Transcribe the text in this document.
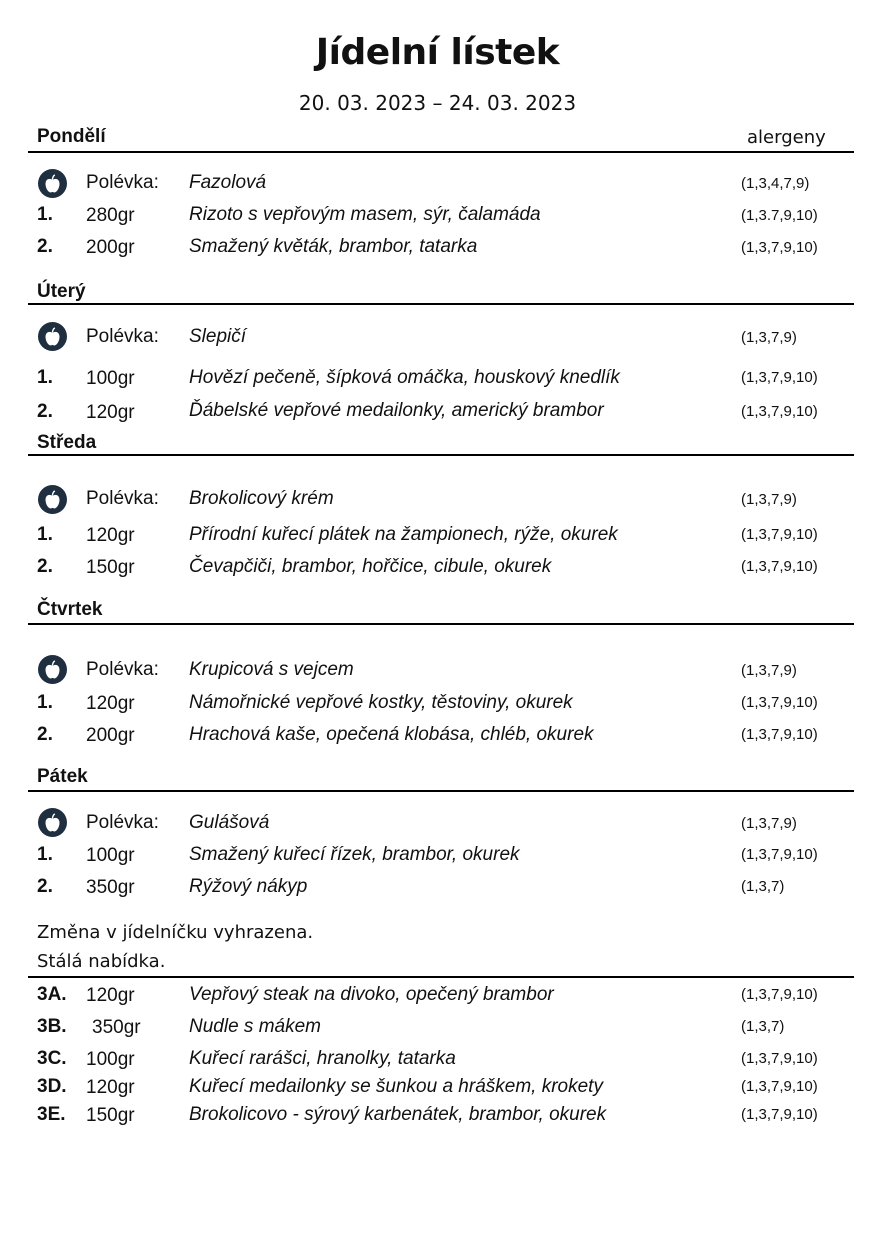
Jídelní lístek
20. 03. 2023 – 24. 03. 2023
Pondělí	alergeny
Polévka: Fazolová	(1,3,4,7,9)
1. 280gr	Rizoto s vepřovým masem, sýr, čalamáda	(1,3.7,9,10)
2. 200gr	Smažený květák, brambor, tatarka	(1,3,7,9,10)
Úterý
Polévka: Slepičí	(1,3,7,9)
1. 100gr	Hovězí pečeně, šípková omáčka, houskový knedlík	(1,3,7,9,10)
2. 120gr	Ďábelské vepřové medailonky, americký brambor	(1,3,7,9,10)
Středa
Polévka: Brokolicový krém	(1,3,7,9)
1. 120gr	Přírodní kuřecí plátek na žampionech, rýže, okurek	(1,3,7,9,10)
2. 150gr	Čevapčiči, brambor, hořčice, cibule, okurek	(1,3,7,9,10)
Čtvrtek
Polévka: Krupicová s vejcem	(1,3,7,9)
1. 120gr	Námořnické vepřové kostky, těstoviny, okurek	(1,3,7,9,10)
2. 200gr	Hrachová kaše, opečená klobása, chléb, okurek	(1,3,7,9,10)
Pátek
Polévka: Gulášová	(1,3,7,9)
1. 100gr	Smažený kuřecí řízek, brambor, okurek	(1,3,7,9,10)
2. 350gr	Rýžový nákyp	(1,3,7)
Změna v jídelníčku vyhrazena.
Stálá nabídka.
3A. 120gr	Vepřový steak na divoko, opečený brambor	(1,3,7,9,10)
3B. 350gr	Nudle s mákem	(1,3,7)
3C. 100gr	Kuřecí rarášci, hranolky, tatarka	(1,3,7,9,10)
3D. 120gr	Kuřecí medailonky se šunkou a hráškem, krokety	(1,3,7,9,10)
3E. 150gr	Brokolicovo - sýrový karbenátek, brambor, okurek	(1,3,7,9,10)
